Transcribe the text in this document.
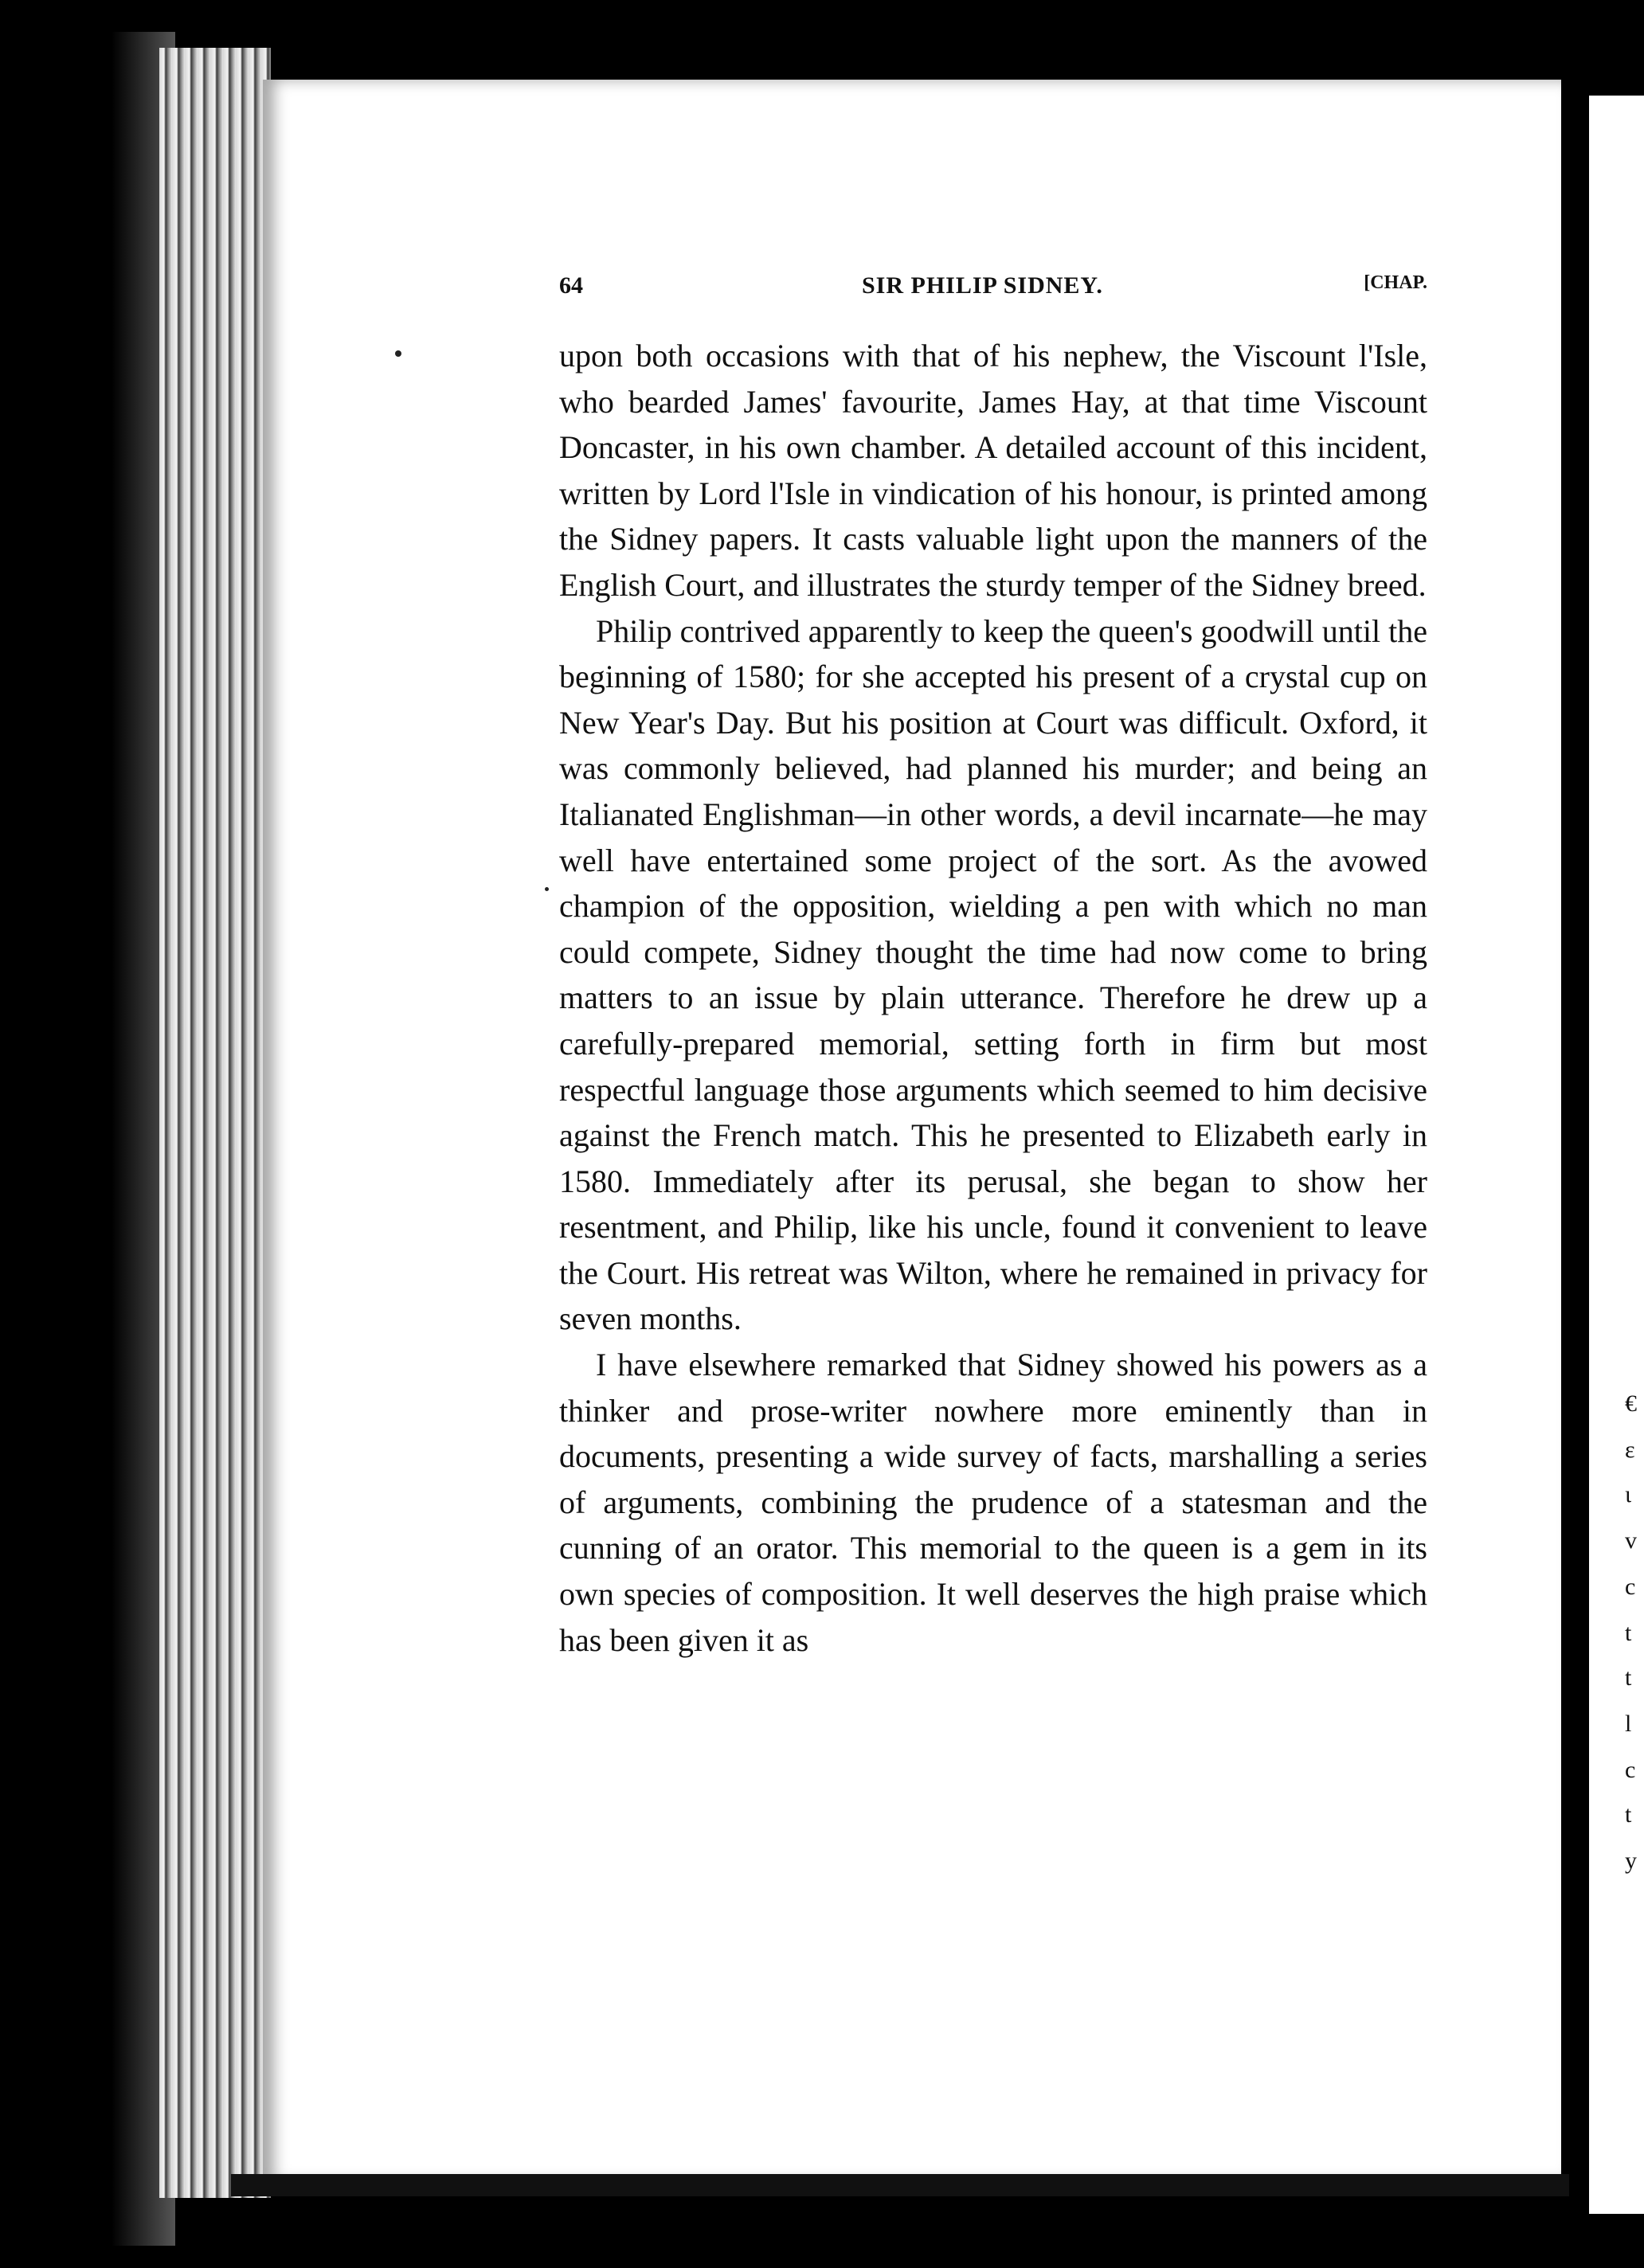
€
ε
ι
v
c
t
t
l
c
t
y
64	SIR PHILIP SIDNEY.	[CHAP.

upon both occasions with that of his nephew, the Viscount l'Isle, who bearded James' favourite, James Hay, at that time Viscount Doncaster, in his own chamber. A detailed account of this incident, written by Lord l'Isle in vindication of his honour, is printed among the Sidney papers. It casts valuable light upon the manners of the English Court, and illustrates the sturdy temper of the Sidney breed.

Philip contrived apparently to keep the queen's goodwill until the beginning of 1580; for she accepted his present of a crystal cup on New Year's Day. But his position at Court was difficult. Oxford, it was commonly believed, had planned his murder; and being an Italianated Englishman—in other words, a devil incarnate—he may well have entertained some project of the sort. As the avowed champion of the opposition, wielding a pen with which no man could compete, Sidney thought the time had now come to bring matters to an issue by plain utterance. Therefore he drew up a carefully-prepared memorial, setting forth in firm but most respectful language those arguments which seemed to him decisive against the French match. This he presented to Elizabeth early in 1580. Immediately after its perusal, she began to show her resentment, and Philip, like his uncle, found it convenient to leave the Court. His retreat was Wilton, where he remained in privacy for seven months.

I have elsewhere remarked that Sidney showed his powers as a thinker and prose-writer nowhere more eminently than in documents, presenting a wide survey of facts, marshalling a series of arguments, combining the prudence of a statesman and the cunning of an orator. This memorial to the queen is a gem in its own species of composition. It well deserves the high praise which has been given it as
